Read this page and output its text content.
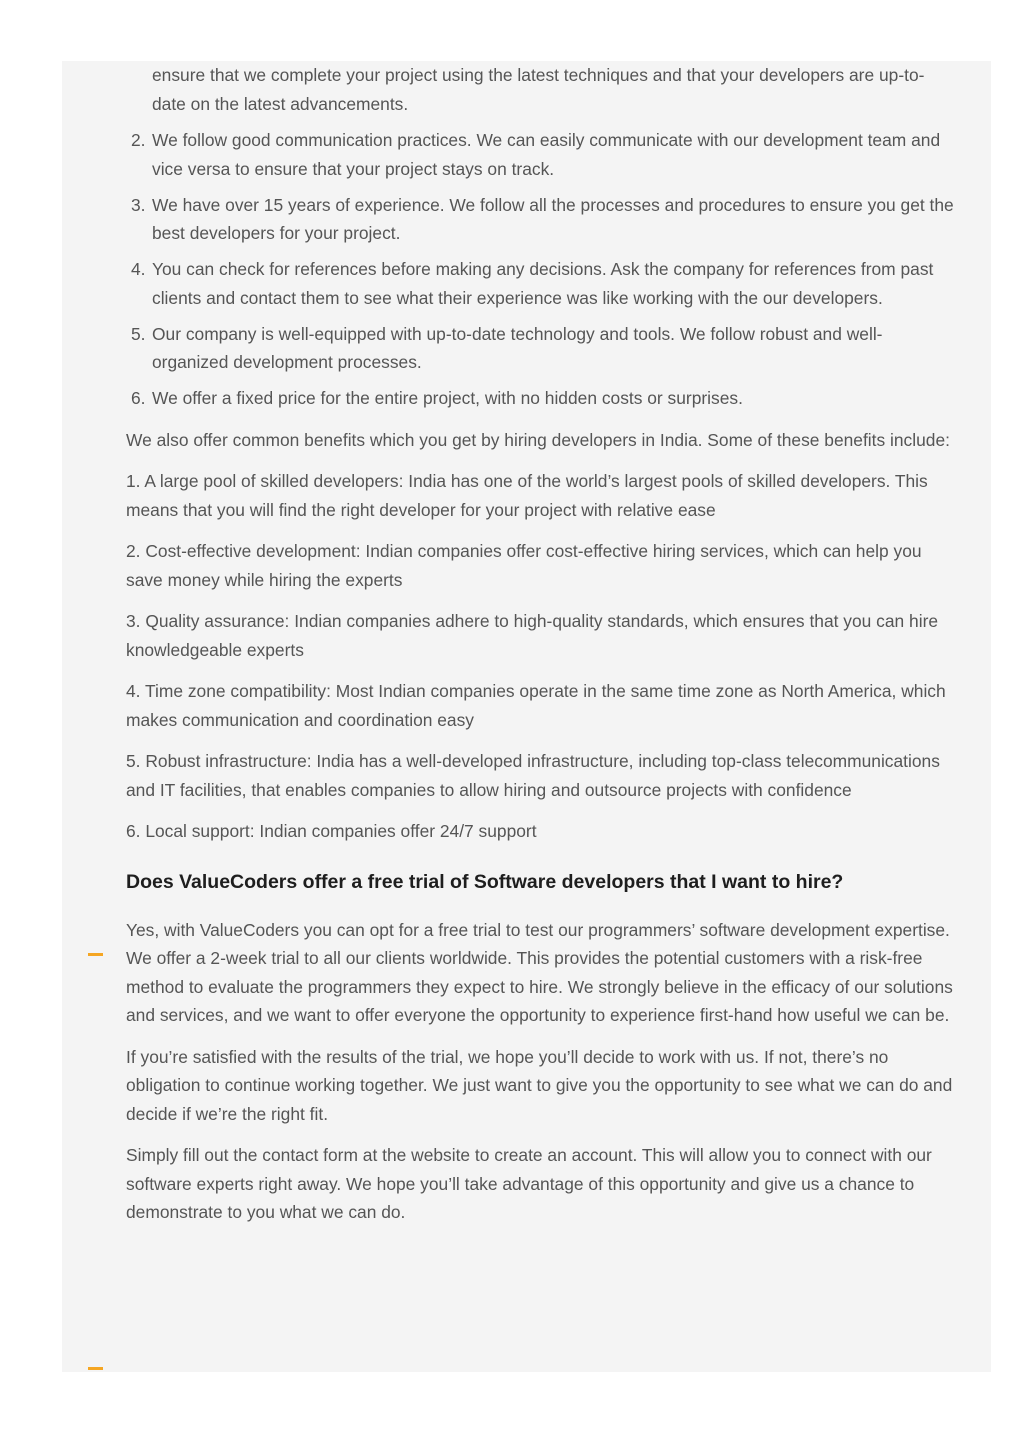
ensure that we complete your project using the latest techniques and that your developers are up-to-date on the latest advancements.

2. We follow good communication practices. We can easily communicate with our development team and vice versa to ensure that your project stays on track.
3. We have over 15 years of experience. We follow all the processes and procedures to ensure you get the best developers for your project.
4. You can check for references before making any decisions. Ask the company for references from past clients and contact them to see what their experience was like working with the our developers.
5. Our company is well-equipped with up-to-date technology and tools. We follow robust and well-organized development processes.
6. We offer a fixed price for the entire project, with no hidden costs or surprises.

We also offer common benefits which you get by hiring developers in India. Some of these benefits include:

1. A large pool of skilled developers: India has one of the world’s largest pools of skilled developers. This means that you will find the right developer for your project with relative ease

2. Cost-effective development: Indian companies offer cost-effective hiring services, which can help you save money while hiring the experts

3. Quality assurance: Indian companies adhere to high-quality standards, which ensures that you can hire knowledgeable experts

4. Time zone compatibility: Most Indian companies operate in the same time zone as North America, which makes communication and coordination easy

5. Robust infrastructure: India has a well-developed infrastructure, including top-class telecommunications and IT facilities, that enables companies to allow hiring and outsource projects with confidence

6. Local support: Indian companies offer 24/7 support

Does ValueCoders offer a free trial of Software developers that I want to hire?

Yes, with ValueCoders you can opt for a free trial to test our programmers’ software development expertise. We offer a 2-week trial to all our clients worldwide. This provides the potential customers with a risk-free method to evaluate the programmers they expect to hire. We strongly believe in the efficacy of our solutions and services, and we want to offer everyone the opportunity to experience first-hand how useful we can be.

If you’re satisfied with the results of the trial, we hope you’ll decide to work with us. If not, there’s no obligation to continue working together. We just want to give you the opportunity to see what we can do and decide if we’re the right fit.

Simply fill out the contact form at the website to create an account. This will allow you to connect with our software experts right away. We hope you’ll take advantage of this opportunity and give us a chance to demonstrate to you what we can do.
